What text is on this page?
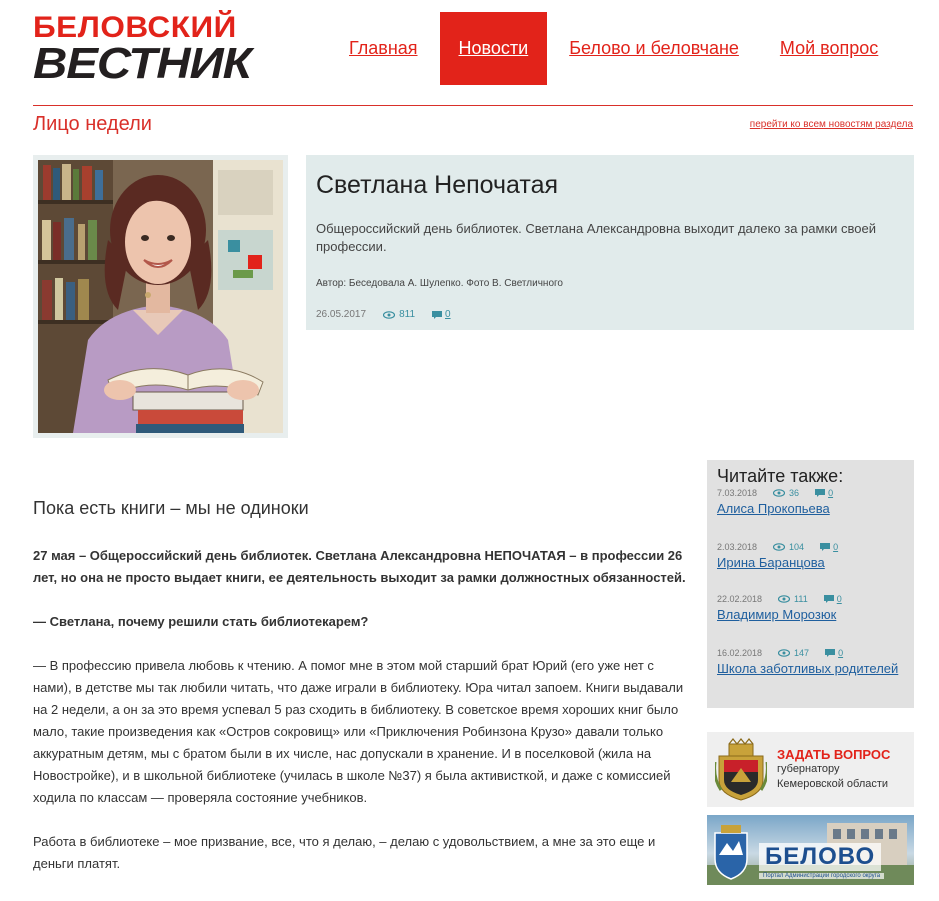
БЕЛОВСКИЙ
ВЕСТНИК	Главная	Новости	Белово и беловчане	Мой вопрос
Лицо недели	перейти ко всем новостям раздела
Светлана Непочатая
Общероссийский день библиотек. Светлана Александровна выходит далеко за рамки своей профессии.
Автор: Беседовала А. Шулепко. Фото В. Светличного
26.05.2017	811	0
Пока есть книги – мы не одиноки

27 мая – Общероссийский день библиотек. Светлана Александровна НЕПОЧАТАЯ – в профессии 26 лет, но она не просто выдает книги, ее деятельность выходит за рамки должностных обязанностей.

— Светлана, почему решили стать библиотекарем?

— В профессию привела любовь к чтению. А помог мне в этом мой старший брат Юрий (его уже нет с нами), в детстве мы так любили читать, что даже играли в библиотеку. Юра читал запоем. Книги выдавали на 2 недели, а он за это время успевал 5 раз сходить в библиотеку. В советское время хороших книг было мало, такие произведения как «Остров сокровищ» или «Приключения Робинзона Крузо» давали только аккуратным детям, мы с братом были в их числе, нас допускали в хранение. И в поселковой (жила на Новостройке), и в школьной библиотеке (училась в школе №37) я была активисткой, и даже с комиссией ходила по классам — проверяла состояние учебников.

Работа в библиотеке – мое призвание, все, что я делаю, – делаю с удовольствием, а мне за это еще и деньги платят.

Читайте также:
7.03.2018	36	0
Алиса Прокопьева
2.03.2018	104	0
Ирина Баранцова
22.02.2018	111	0
Владимир Морозюк
16.02.2018	147	0
Школа заботливых родителей
ЗАДАТЬ ВОПРОС
губернатору
Кемеровской области
БЕЛОВО
Портал Администрации городского округа
